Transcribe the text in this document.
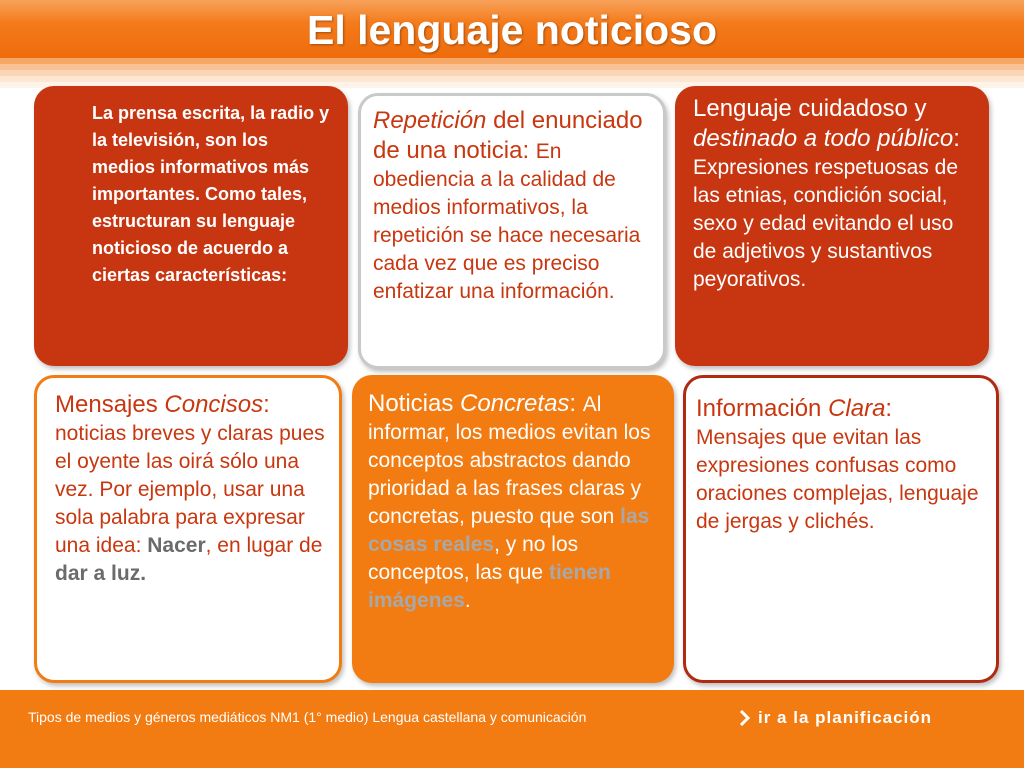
El lenguaje noticioso

La prensa escrita, la radio y la televisión, son los medios informativos más importantes. Como tales, estructuran su lenguaje noticioso de acuerdo a ciertas características:

Repetición del enunciado de una noticia: En obediencia a la calidad de medios informativos, la repetición se hace necesaria cada vez que es preciso enfatizar una información.

Lenguaje cuidadoso y destinado a todo público: Expresiones respetuosas de las etnias, condición social, sexo y edad evitando el uso de adjetivos y sustantivos peyorativos.

Mensajes Concisos: noticias breves y claras pues el oyente las oirá sólo una vez. Por ejemplo, usar una sola palabra para expresar una idea: Nacer, en lugar de dar a luz.

Noticias Concretas: Al informar, los medios evitan los conceptos abstractos dando prioridad a las frases claras y concretas, puesto que son las cosas reales, y no los conceptos, las que tienen imágenes.

Información Clara: Mensajes que evitan las expresiones confusas como oraciones complejas, lenguaje de jergas y clichés.

Tipos de medios y géneros mediáticos NM1 (1° medio) Lengua castellana y comunicación	ir a la planificación
